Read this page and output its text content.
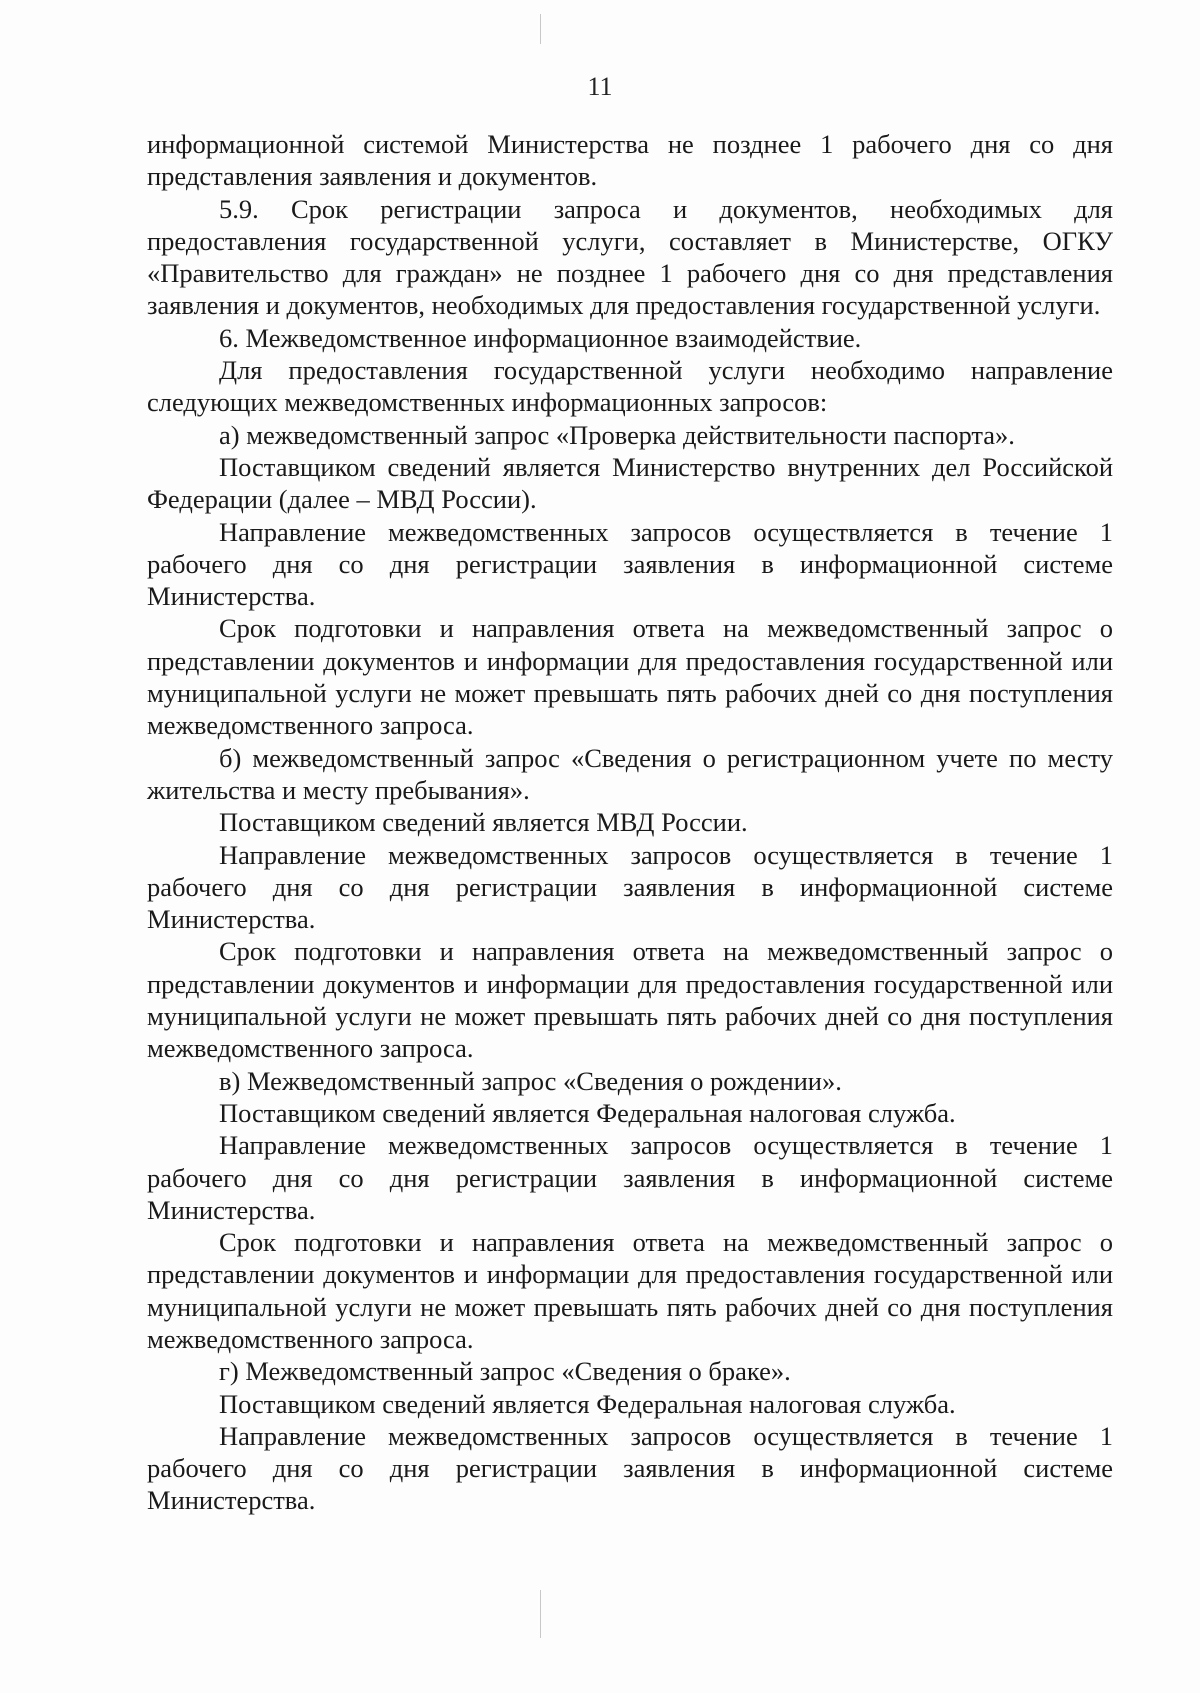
11

информационной системой Министерства не позднее 1 рабочего дня со дня представления заявления и документов.

5.9. Срок регистрации запроса и документов, необходимых для предоставления государственной услуги, составляет в Министерстве, ОГКУ «Правительство для граждан» не позднее 1 рабочего дня со дня представления заявления и документов, необходимых для предоставления государственной услуги.

6. Межведомственное информационное взаимодействие.

Для предоставления государственной услуги необходимо направление следующих межведомственных информационных запросов:

а) межведомственный запрос «Проверка действительности паспорта».

Поставщиком сведений является Министерство внутренних дел Российской Федерации (далее – МВД России).

Направление межведомственных запросов осуществляется в течение 1 рабочего дня со дня регистрации заявления в информационной системе Министерства.

Срок подготовки и направления ответа на межведомственный запрос о представлении документов и информации для предоставления государственной или муниципальной услуги не может превышать пять рабочих дней со дня поступления межведомственного запроса.

б) межведомственный запрос «Сведения о регистрационном учете по месту жительства и месту пребывания».

Поставщиком сведений является МВД России.

Направление межведомственных запросов осуществляется в течение 1 рабочего дня со дня регистрации заявления в информационной системе Министерства.

Срок подготовки и направления ответа на межведомственный запрос о представлении документов и информации для предоставления государственной или муниципальной услуги не может превышать пять рабочих дней со дня поступления межведомственного запроса.

в) Межведомственный запрос «Сведения о рождении».

Поставщиком сведений является Федеральная налоговая служба.

Направление межведомственных запросов осуществляется в течение 1 рабочего дня со дня регистрации заявления в информационной системе Министерства.

Срок подготовки и направления ответа на межведомственный запрос о представлении документов и информации для предоставления государственной или муниципальной услуги не может превышать пять рабочих дней со дня поступления межведомственного запроса.

г) Межведомственный запрос «Сведения о браке».

Поставщиком сведений является Федеральная налоговая служба.

Направление межведомственных запросов осуществляется в течение 1 рабочего дня со дня регистрации заявления в информационной системе Министерства.
